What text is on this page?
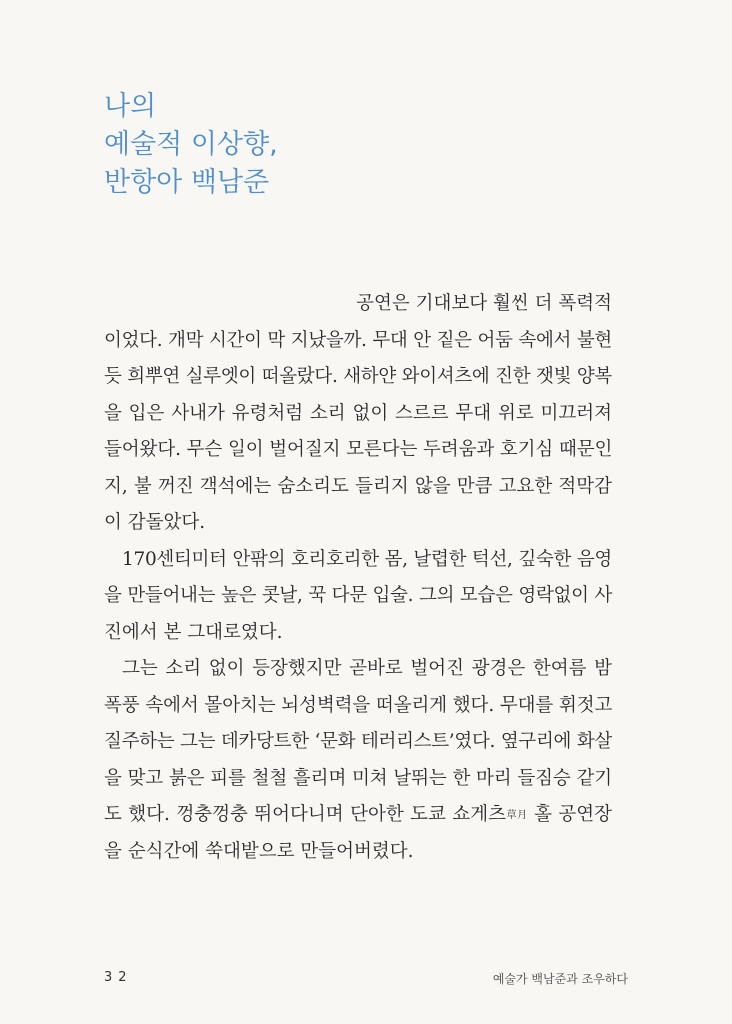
나의
예술적 이상향,
반항아 백남준
공연은 기대보다 훨씬 더 폭력적
이었다. 개막 시간이 막 지났을까. 무대 안 짙은 어둠 속에서 불현
듯 희뿌연 실루엣이 떠올랐다. 새하얀 와이셔츠에 진한 잿빛 양복
을 입은 사내가 유령처럼 소리 없이 스르르 무대 위로 미끄러져
들어왔다. 무슨 일이 벌어질지 모른다는 두려움과 호기심 때문인
지, 불 꺼진 객석에는 숨소리도 들리지 않을 만큼 고요한 적막감
이 감돌았다.
170센티미터 안팎의 호리호리한 몸, 날렵한 턱선, 깊숙한 음영
을 만들어내는 높은 콧날, 꾹 다문 입술. 그의 모습은 영락없이 사
진에서 본 그대로였다.
그는 소리 없이 등장했지만 곧바로 벌어진 광경은 한여름 밤
폭풍 속에서 몰아치는 뇌성벽력을 떠올리게 했다. 무대를 휘젓고
질주하는 그는 데카당트한 ‘문화 테러리스트’였다. 옆구리에 화살
을 맞고 붉은 피를 철철 흘리며 미쳐 날뛰는 한 마리 들짐승 같기
도 했다. 껑충껑충 뛰어다니며 단아한 도쿄 쇼게츠草月 홀 공연장
을 순식간에 쑥대밭으로 만들어버렸다.
32	예술가 백남준과 조우하다
